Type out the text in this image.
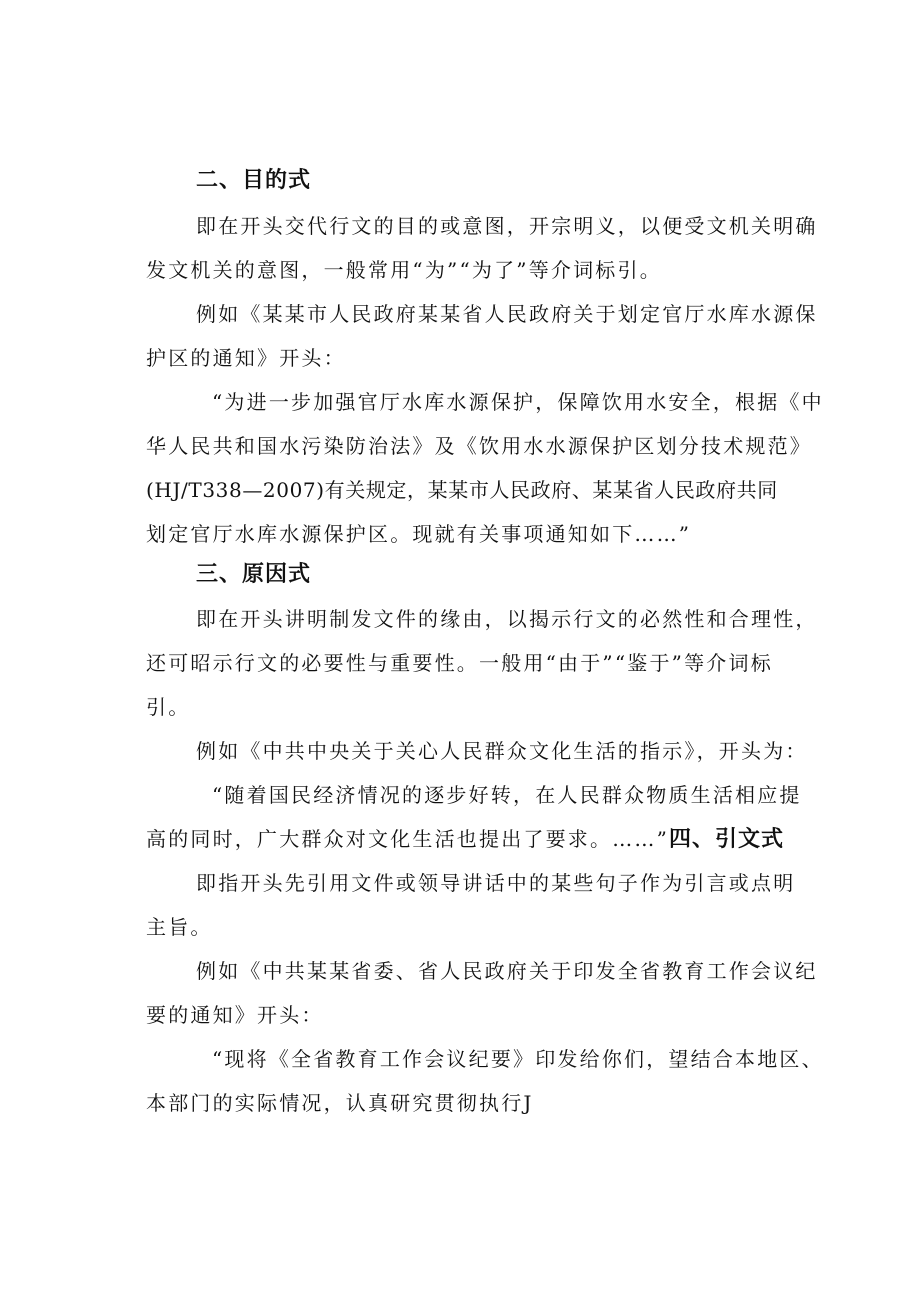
二、目的式
即在开头交代行文的目的或意图，开宗明义，以便受文机关明确
发文机关的意图，一般常用“为”“为了”等介词标引。
例如《某某市人民政府某某省人民政府关于划定官厅水库水源保
护区的通知》开头：
“为进一步加强官厅水库水源保护，保障饮用水安全，根据《中
华人民共和国水污染防治法》及《饮用水水源保护区划分技术规范》
(HJ/T338—2007)有关规定，某某市人民政府、某某省人民政府共同
划定官厅水库水源保护区。现就有关事项通知如下……”
三、原因式
即在开头讲明制发文件的缘由，以揭示行文的必然性和合理性，
还可昭示行文的必要性与重要性。一般用“由于”“鉴于”等介词标
引。
例如《中共中央关于关心人民群众文化生活的指示》，开头为：
“随着国民经济情况的逐步好转，在人民群众物质生活相应提
高的同时，广大群众对文化生活也提出了要求。……”四、引文式
即指开头先引用文件或领导讲话中的某些句子作为引言或点明
主旨。
例如《中共某某省委、省人民政府关于印发全省教育工作会议纪
要的通知》开头：
“现将《全省教育工作会议纪要》印发给你们，望结合本地区、
本部门的实际情况，认真研究贯彻执行J
